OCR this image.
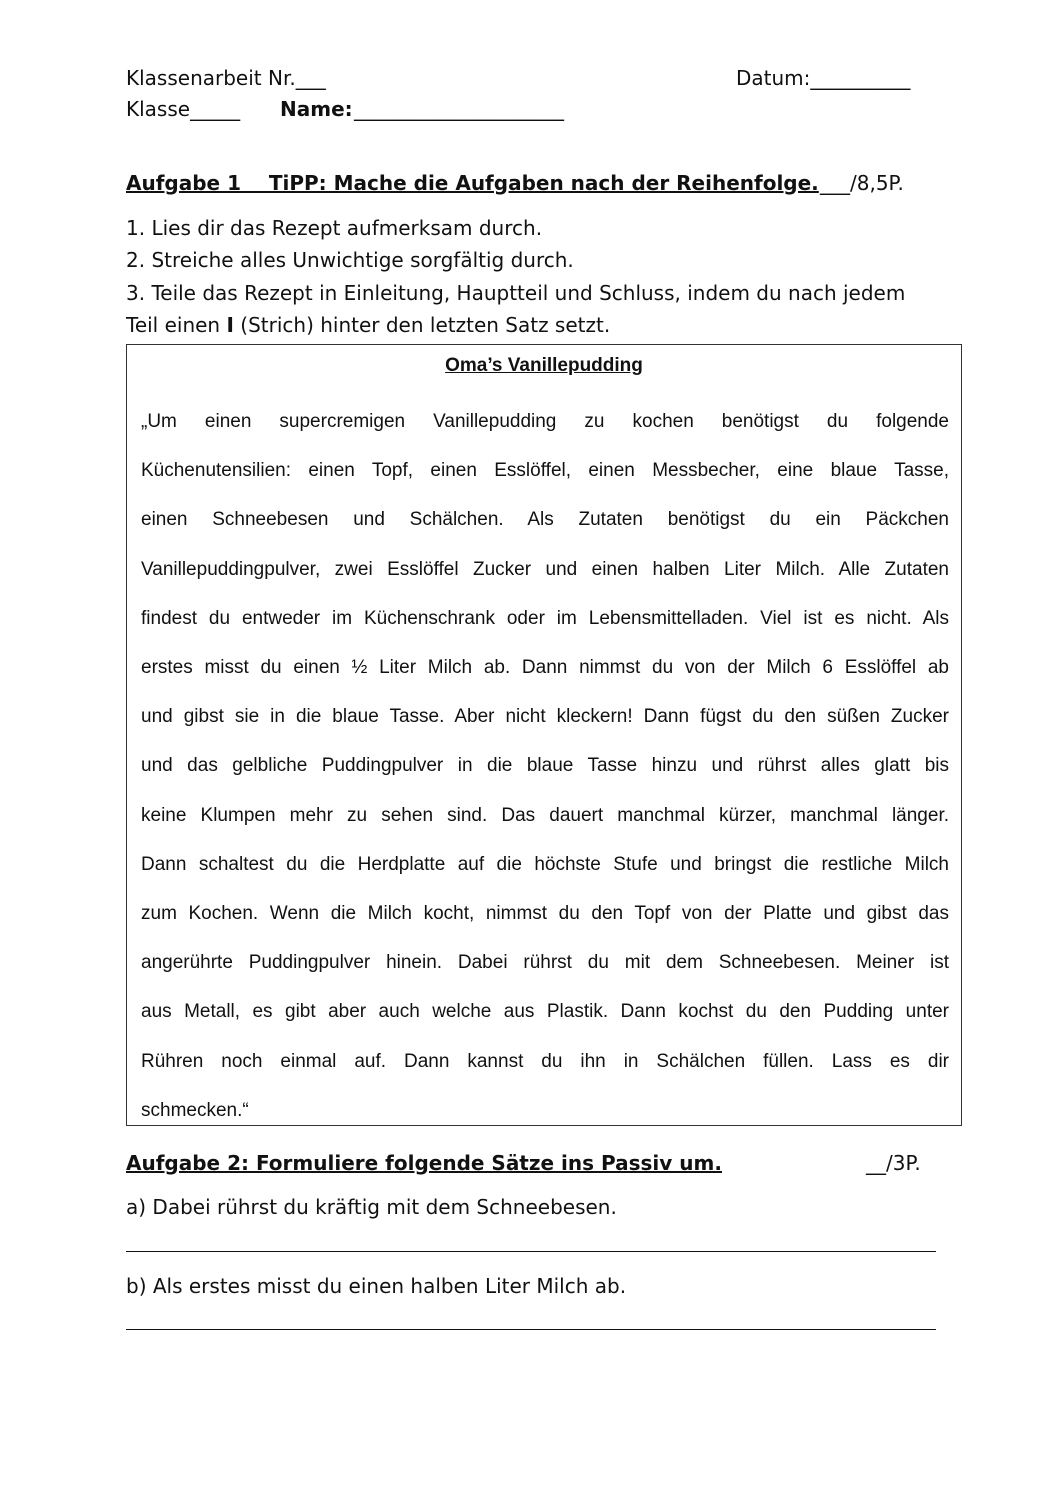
Klassenarbeit Nr.___	Datum:__________
Klasse_____ Name: _____________________
Aufgabe 1    TiPP: Mache die Aufgaben nach der Reihenfolge. ___/8,5P.
1. Lies dir das Rezept aufmerksam durch.
2. Streiche alles Unwichtige sorgfältig durch.
3. Teile das Rezept in Einleitung, Hauptteil und Schluss, indem du nach jedem
Teil einen I (Strich) hinter den letzten Satz setzt.
Oma’s Vanillepudding
„Um einen supercremigen Vanillepudding zu kochen benötigst du folgende
Küchenutensilien: einen Topf, einen Esslöffel, einen Messbecher, eine blaue Tasse,
einen Schneebesen und Schälchen. Als Zutaten benötigst du ein Päckchen
Vanillepuddingpulver, zwei Esslöffel Zucker und einen halben Liter Milch. Alle Zutaten
findest du entweder im Küchenschrank oder im Lebensmittelladen. Viel ist es nicht. Als
erstes misst du einen ½ Liter Milch ab. Dann nimmst du von der Milch 6 Esslöffel ab
und gibst sie in die blaue Tasse. Aber nicht kleckern! Dann fügst du den süßen Zucker
und das gelbliche Puddingpulver in die blaue Tasse hinzu und rührst alles glatt bis
keine Klumpen mehr zu sehen sind. Das dauert manchmal kürzer, manchmal länger.
Dann schaltest du die Herdplatte auf die höchste Stufe und bringst die restliche Milch
zum Kochen. Wenn die Milch kocht, nimmst du den Topf von der Platte und gibst das
angerührte Puddingpulver hinein. Dabei rührst du mit dem Schneebesen. Meiner ist
aus Metall, es gibt aber auch welche aus Plastik. Dann kochst du den Pudding unter
Rühren noch einmal auf. Dann kannst du ihn in Schälchen füllen. Lass es dir
schmecken.“
Aufgabe 2: Formuliere folgende Sätze ins Passiv um.	__/3P.
a) Dabei rührst du kräftig mit dem Schneebesen.
b) Als erstes misst du einen halben Liter Milch ab.
